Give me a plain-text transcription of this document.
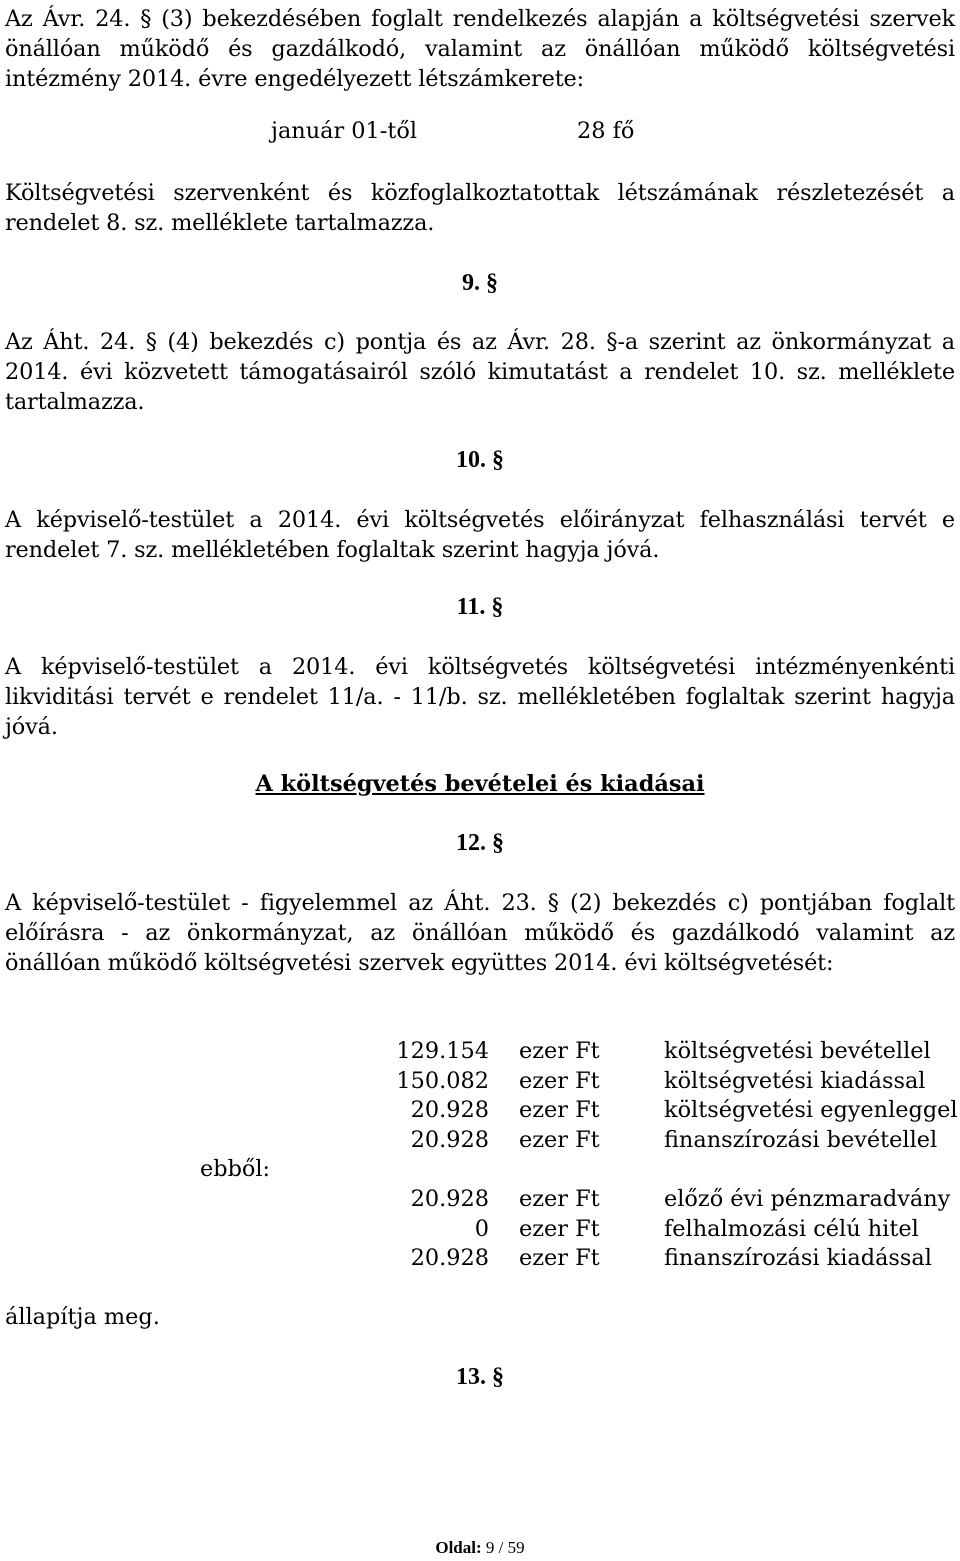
Az Ávr. 24. § (3) bekezdésében foglalt rendelkezés alapján a költségvetési szervek önállóan működő és gazdálkodó, valamint az önállóan működő költségvetési intézmény 2014. évre engedélyezett létszámkerete:

január 01-től	28 fő

Költségvetési szervenként és közfoglalkoztatottak létszámának részletezését a rendelet 8. sz. melléklete tartalmazza.

9. §

Az Áht. 24. § (4) bekezdés c) pontja és az Ávr. 28. §-a szerint az önkormányzat a 2014. évi közvetett támogatásairól szóló kimutatást a rendelet 10. sz. melléklete tartalmazza.

10. §

A képviselő-testület a 2014. évi költségvetés előirányzat felhasználási tervét e rendelet 7. sz. mellékletében foglaltak szerint hagyja jóvá.

11. §

A képviselő-testület a 2014. évi költségvetés költségvetési intézményenkénti likviditási tervét e rendelet 11/a. - 11/b. sz. mellékletében foglaltak szerint hagyja jóvá.

A költségvetés bevételei és kiadásai
12. §

A képviselő-testület - figyelemmel az Áht. 23. § (2) bekezdés c) pontjában foglalt előírásra - az önkormányzat, az önállóan működő és gazdálkodó valamint az önállóan működő költségvetési szervek együttes 2014. évi költségvetését:

	129.154	ezer Ft	költségvetési bevétellel
	150.082	ezer Ft	költségvetési kiadással
	20.928	ezer Ft	költségvetési egyenleggel
	20.928	ezer Ft	finanszírozási bevétellel
ebből:			
	20.928	ezer Ft	előző évi pénzmaradvány
	0	ezer Ft	felhalmozási célú hitel
	20.928	ezer Ft	finanszírozási kiadással
állapítja meg.
13. §
Oldal: 9 / 59
